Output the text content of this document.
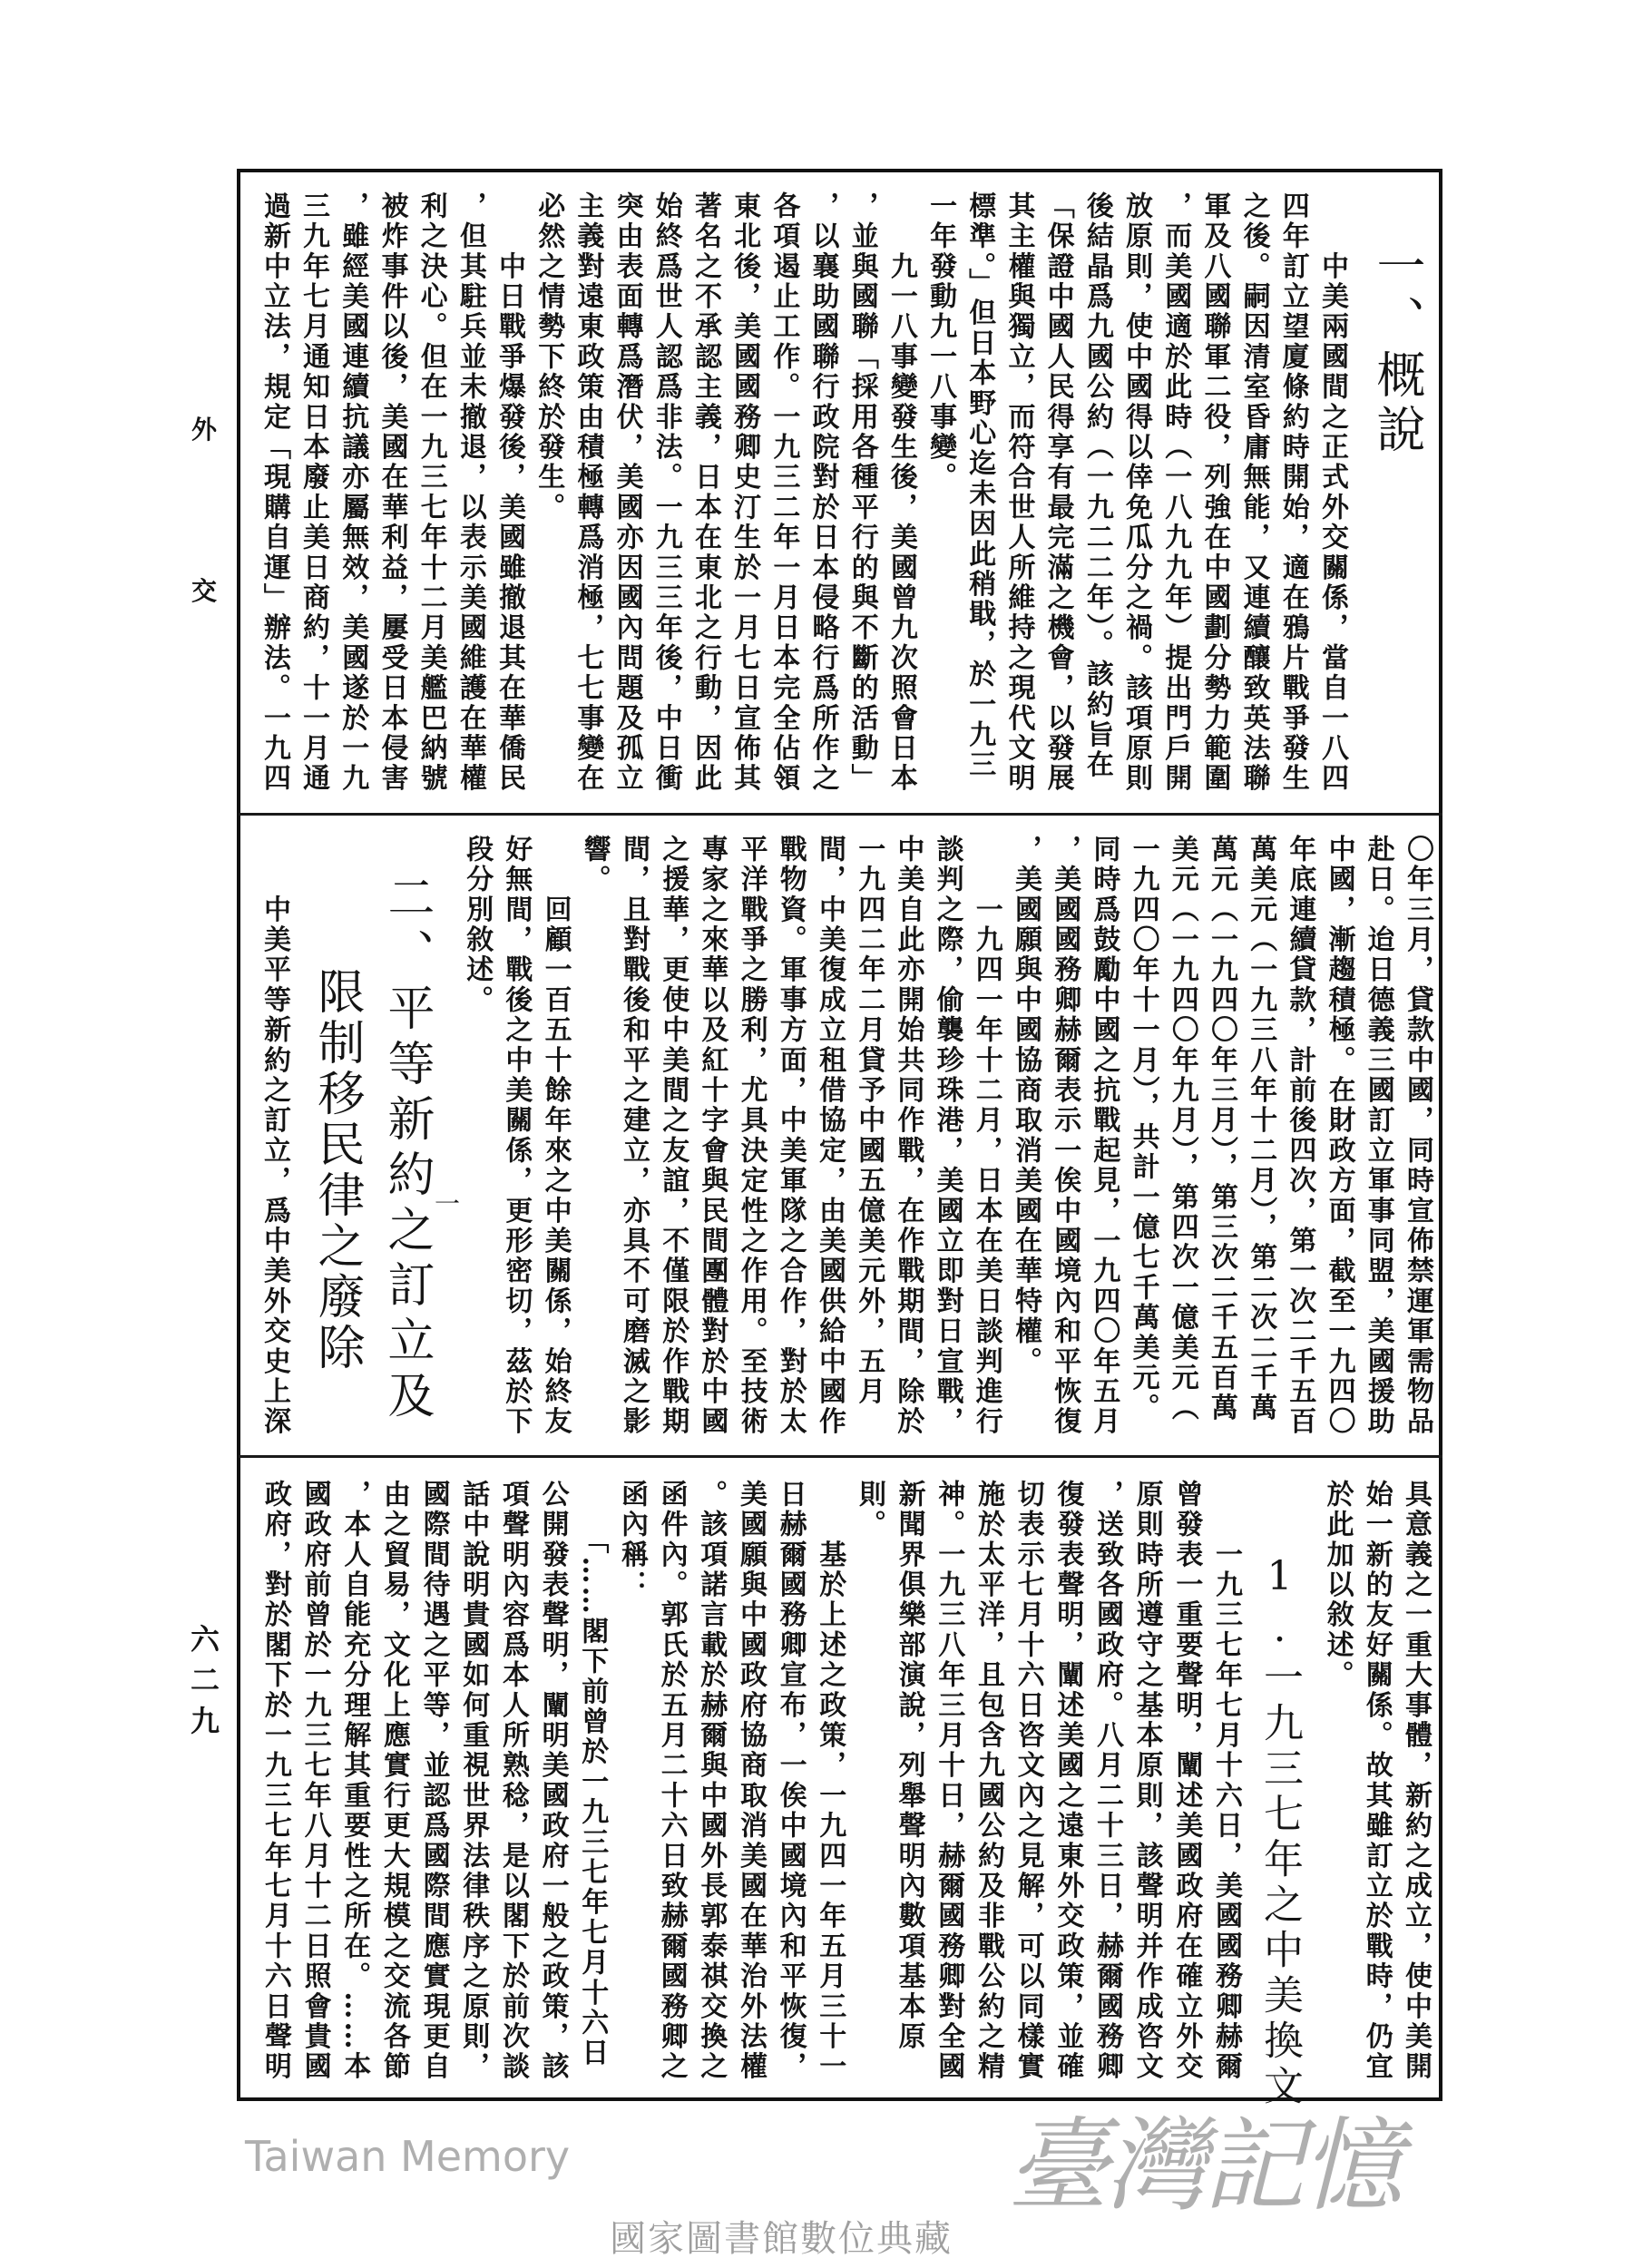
外
交
六二九
一、概說
　　中美兩國間之正式外交關係，當自一八四
四年訂立望廈條約時開始，適在鴉片戰爭發生
之後。嗣因清室昏庸無能，又連續釀致英法聯
軍及八國聯軍二役，列強在中國劃分勢力範圍
，而美國適於此時（一八九九年）提出門戶開
放原則，使中國得以倖免瓜分之禍。該項原則
後結晶爲九國公約（一九二二年）。該約旨在
「保證中國人民得享有最完滿之機會，以發展
其主權與獨立，而符合世人所維持之現代文明
標準。」但日本野心迄未因此稍戢，於一九三
一年發動九一八事變。
　　九一八事變發生後，美國曾九次照會日本
，並與國聯「採用各種平行的與不斷的活動」
，以襄助國聯行政院對於日本侵略行爲所作之
各項遏止工作。一九三二年一月日本完全佔領
東北後，美國國務卿史汀生於一月七日宣佈其
著名之不承認主義，日本在東北之行動，因此
始終爲世人認爲非法。一九三三年後，中日衝
突由表面轉爲潛伏，美國亦因國內問題及孤立
主義對遠東政策由積極轉爲消極，七七事變在
必然之情勢下終於發生。
　　中日戰爭爆發後，美國雖撤退其在華僑民
，但其駐兵並未撤退，以表示美國維護在華權
利之決心。但在一九三七年十二月美艦巴納號
被炸事件以後，美國在華利益，屢受日本侵害
，雖經美國連續抗議亦屬無效，美國遂於一九
三九年七月通知日本廢止美日商約，十一月通
過新中立法，規定「現購自運」辦法。一九四
〇年三月，貸款中國，同時宣佈禁運軍需物品
赴日。迨日德義三國訂立軍事同盟，美國援助
中國，漸趨積極。在財政方面，截至一九四〇
年底連續貸款，計前後四次，第一次二千五百
萬美元（一九三八年十二月），第二次二千萬
萬元（一九四〇年三月），第三次二千五百萬
美元（一九四〇年九月），第四次一億美元（
一九四〇年十一月），共計一億七千萬美元。
同時爲鼓勵中國之抗戰起見，一九四〇年五月
，美國國務卿赫爾表示一俟中國境內和平恢復
，美國願與中國協商取消美國在華特權。
　　一九四一年十二月，日本在美日談判進行
談判之際，偷襲珍珠港，美國立即對日宣戰，
中美自此亦開始共同作戰，在作戰期間，除於
一九四二年二月貸予中國五億美元外，五月
間，中美復成立租借協定，由美國供給中國作
戰物資。軍事方面，中美軍隊之合作，對於太
平洋戰爭之勝利，尤具決定性之作用。至技術
專家之來華以及紅十字會與民間團體對於中國
之援華，更使中美間之友誼，不僅限於作戰期
間，且對戰後和平之建立，亦具不可磨滅之影
響。
　　回顧一百五十餘年來之中美關係，始終友
好無間，戰後之中美關係，更形密切，茲於下
段分別敘述。
二、平等新約之訂立及
限制移民律之廢除	一
　　中美平等新約之訂立，爲中美外交史上深
具意義之一重大事體，新約之成立，使中美開
始一新的友好關係。故其雖訂立於戰時，仍宜
於此加以敘述。
1.一九三七年之中美換文
　　一九三七年七月十六日，美國國務卿赫爾
曾發表一重要聲明，闡述美國政府在確立外交
原則時所遵守之基本原則，該聲明并作成咨文
，送致各國政府。八月二十三日，赫爾國務卿
復發表聲明，闡述美國之遠東外交政策，並確
切表示七月十六日咨文內之見解，可以同樣實
施於太平洋，且包含九國公約及非戰公約之精
神。一九三八年三月十日，赫爾國務卿對全國
新聞界俱樂部演說，列舉聲明內數項基本原
則。
　　基於上述之政策，一九四一年五月三十一
日赫爾國務卿宣布，一俟中國境內和平恢復，
美國願與中國政府協商取消美國在華治外法權
。該項諾言載於赫爾與中國外長郭泰祺交換之
函件內。郭氏於五月二十六日致赫爾國務卿之
函內稱：
　　「……閣下前曾於一九三七年七月十六日
公開發表聲明，闡明美國政府一般之政策，該
項聲明內容爲本人所熟稔，是以閣下於前次談
話中說明貴國如何重視世界法律秩序之原則，
國際間待遇之平等，並認爲國際間應實現更自
由之貿易，文化上應實行更大規模之交流各節
，本人自能充分理解其重要性之所在。……本
國政府前曾於一九三七年八月十二日照會貴國
政府，對於閣下於一九三七年七月十六日聲明
臺灣記憶
Taiwan Memory
國家圖書館數位典藏
